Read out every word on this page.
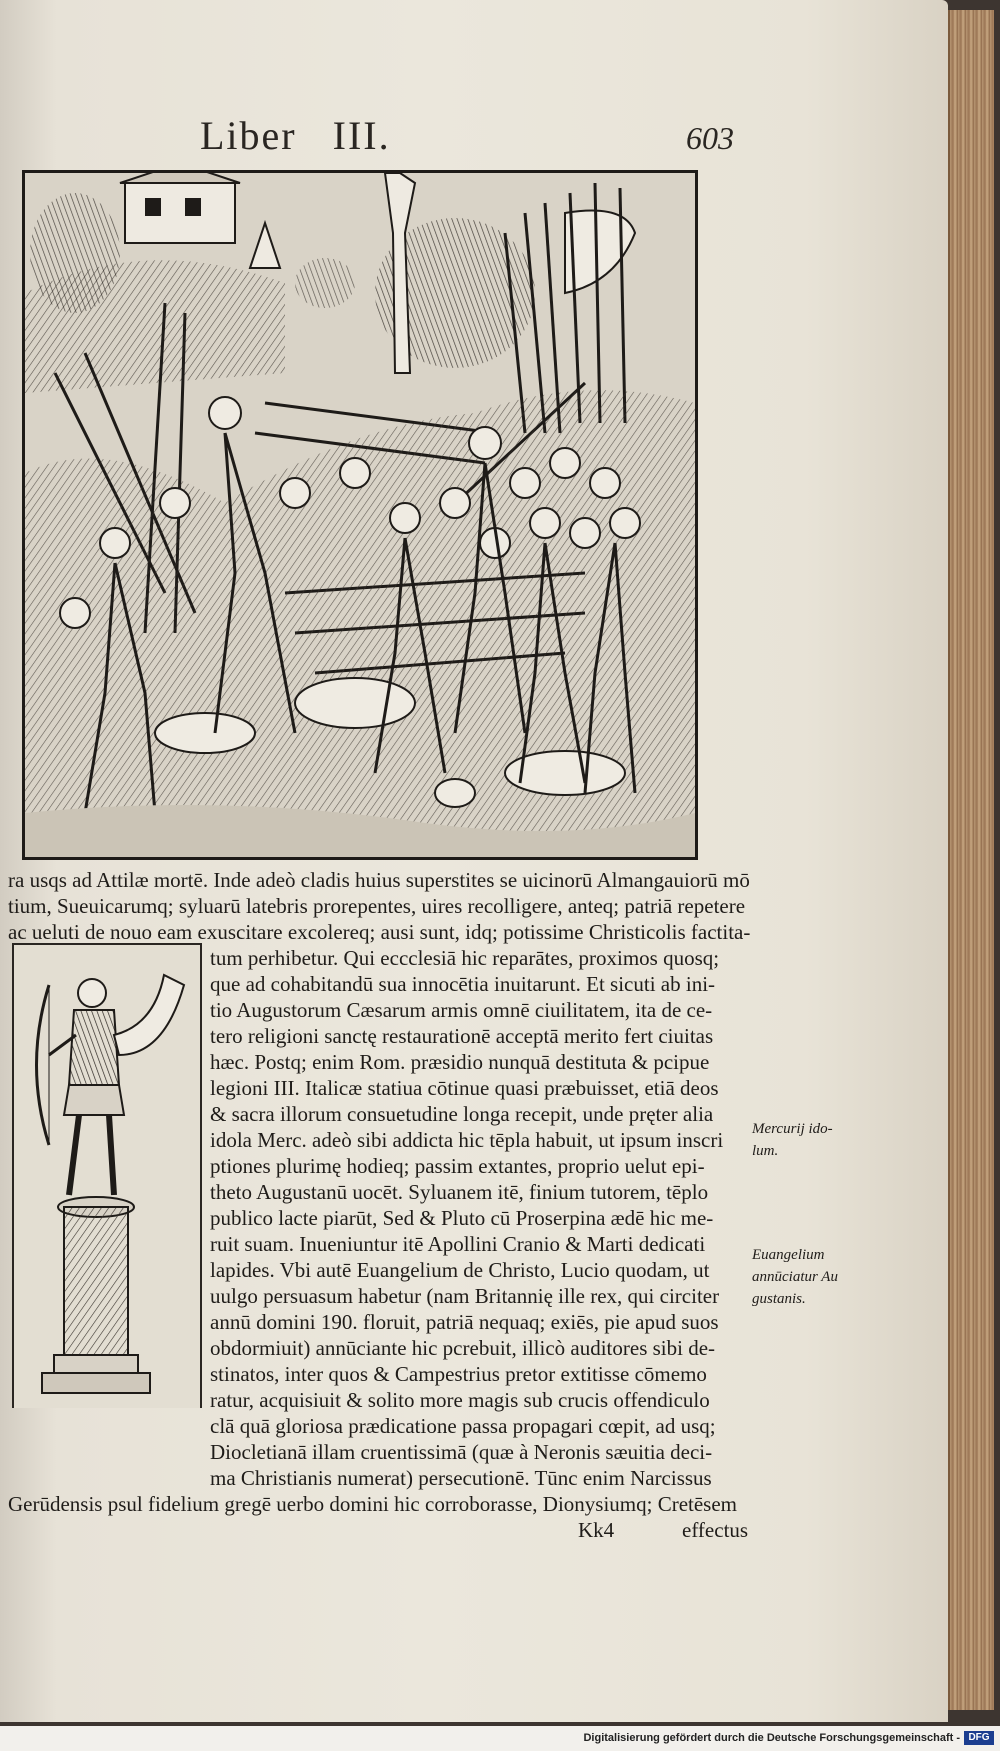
Liber III.	603
ra usqs ad Attilæ mortē. Inde adeò cladis huius superstites se uicinorū Almangauiorū mō
tium, Sueuicarumq; syluarū latebris prorepentes, uires recolligere, anteq; patriā repetere
ac ueluti de nouo eam exuscitare excolereq; ausi sunt, idq; potissime Christicolis factita-
tum perhibetur. Qui eccclesiā hic reparātes, proximos quosq;
que ad cohabitandū sua innocētia inuitarunt. Et sicuti ab ini-
tio Augustorum Cæsarum armis omnē ciuilitatem, ita de ce-
tero religioni sanctę restaurationē acceptā merito fert ciuitas
hæc. Postq; enim Rom. præsidio nunquā destituta & pcipue
legioni III. Italicæ statiua cōtinue quasi præbuisset, etiā deos
& sacra illorum consuetudine longa recepit, unde pręter alia
idola Merc. adeò sibi addicta hic tēpla habuit, ut ipsum inscri
ptiones plurimę hodieq; passim extantes, proprio uelut epi-
theto Augustanū uocēt. Syluanem itē, finium tutorem, tēplo
publico lacte piarūt, Sed & Pluto cū Proserpina ædē hic me-
ruit suam. Inueniuntur itē Apollini Cranio & Marti dedicati
lapides. Vbi autē Euangelium de Christo, Lucio quodam, ut
uulgo persuasum habetur (nam Britannię ille rex, qui circiter
annū domini 190. floruit, patriā nequaq; exiēs, pie apud suos
obdormiuit) annūciante hic pcrebuit, illicò auditores sibi de-
stinatos, inter quos & Campestrius pretor extitisse cōmemo
ratur, acquisiuit & solito more magis sub crucis offendiculo
clā quā gloriosa prædicatione passa propagari cœpit, ad usq;
Diocletianā illam cruentissimā (quæ à Neronis sæuitia deci-
ma Christianis numerat) persecutionē. Tūnc enim Narcissus
Gerūdensis psul fidelium gregē uerbo domini hic corroborasse, Dionysiumq; Cretēsem
Mercurij ido-
lum.
Euangelium
annūciatur Au
gustanis.
Kk4	effectus
Digitalisierung gefördert durch die Deutsche Forschungsgemeinschaft - DFG
